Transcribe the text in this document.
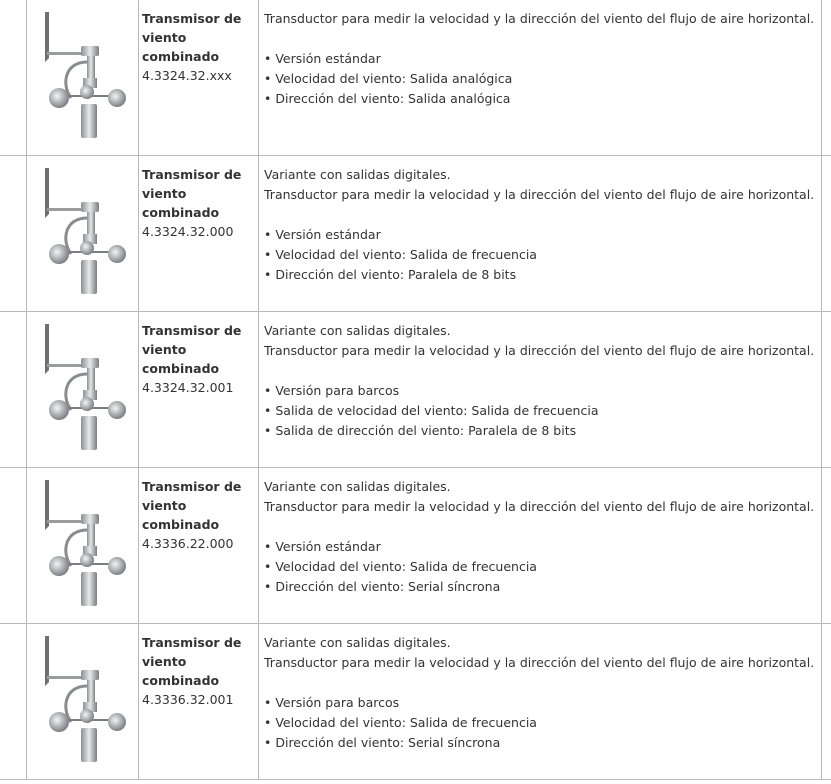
Transmisor de viento combinado
4.3324.32.xxx

Transductor para medir la velocidad y la dirección del viento del flujo de aire horizontal.

• Versión estándar

• Velocidad del viento: Salida analógica

• Dirección del viento: Salida analógica

Transmisor de viento combinado
4.3324.32.000

Variante con salidas digitales.

Transductor para medir la velocidad y la dirección del viento del flujo de aire horizontal.

• Versión estándar

• Velocidad del viento: Salida de frecuencia

• Dirección del viento: Paralela de 8 bits

Transmisor de viento combinado
4.3324.32.001

Variante con salidas digitales.

Transductor para medir la velocidad y la dirección del viento del flujo de aire horizontal.

• Versión para barcos

• Salida de velocidad del viento: Salida de frecuencia

• Salida de dirección del viento: Paralela de 8 bits

Transmisor de viento combinado
4.3336.22.000

Variante con salidas digitales.

Transductor para medir la velocidad y la dirección del viento del flujo de aire horizontal.

• Versión estándar

• Velocidad del viento: Salida de frecuencia

• Dirección del viento: Serial síncrona

Transmisor de viento combinado
4.3336.32.001

Variante con salidas digitales.

Transductor para medir la velocidad y la dirección del viento del flujo de aire horizontal.

• Versión para barcos

• Velocidad del viento: Salida de frecuencia

• Dirección del viento: Serial síncrona
